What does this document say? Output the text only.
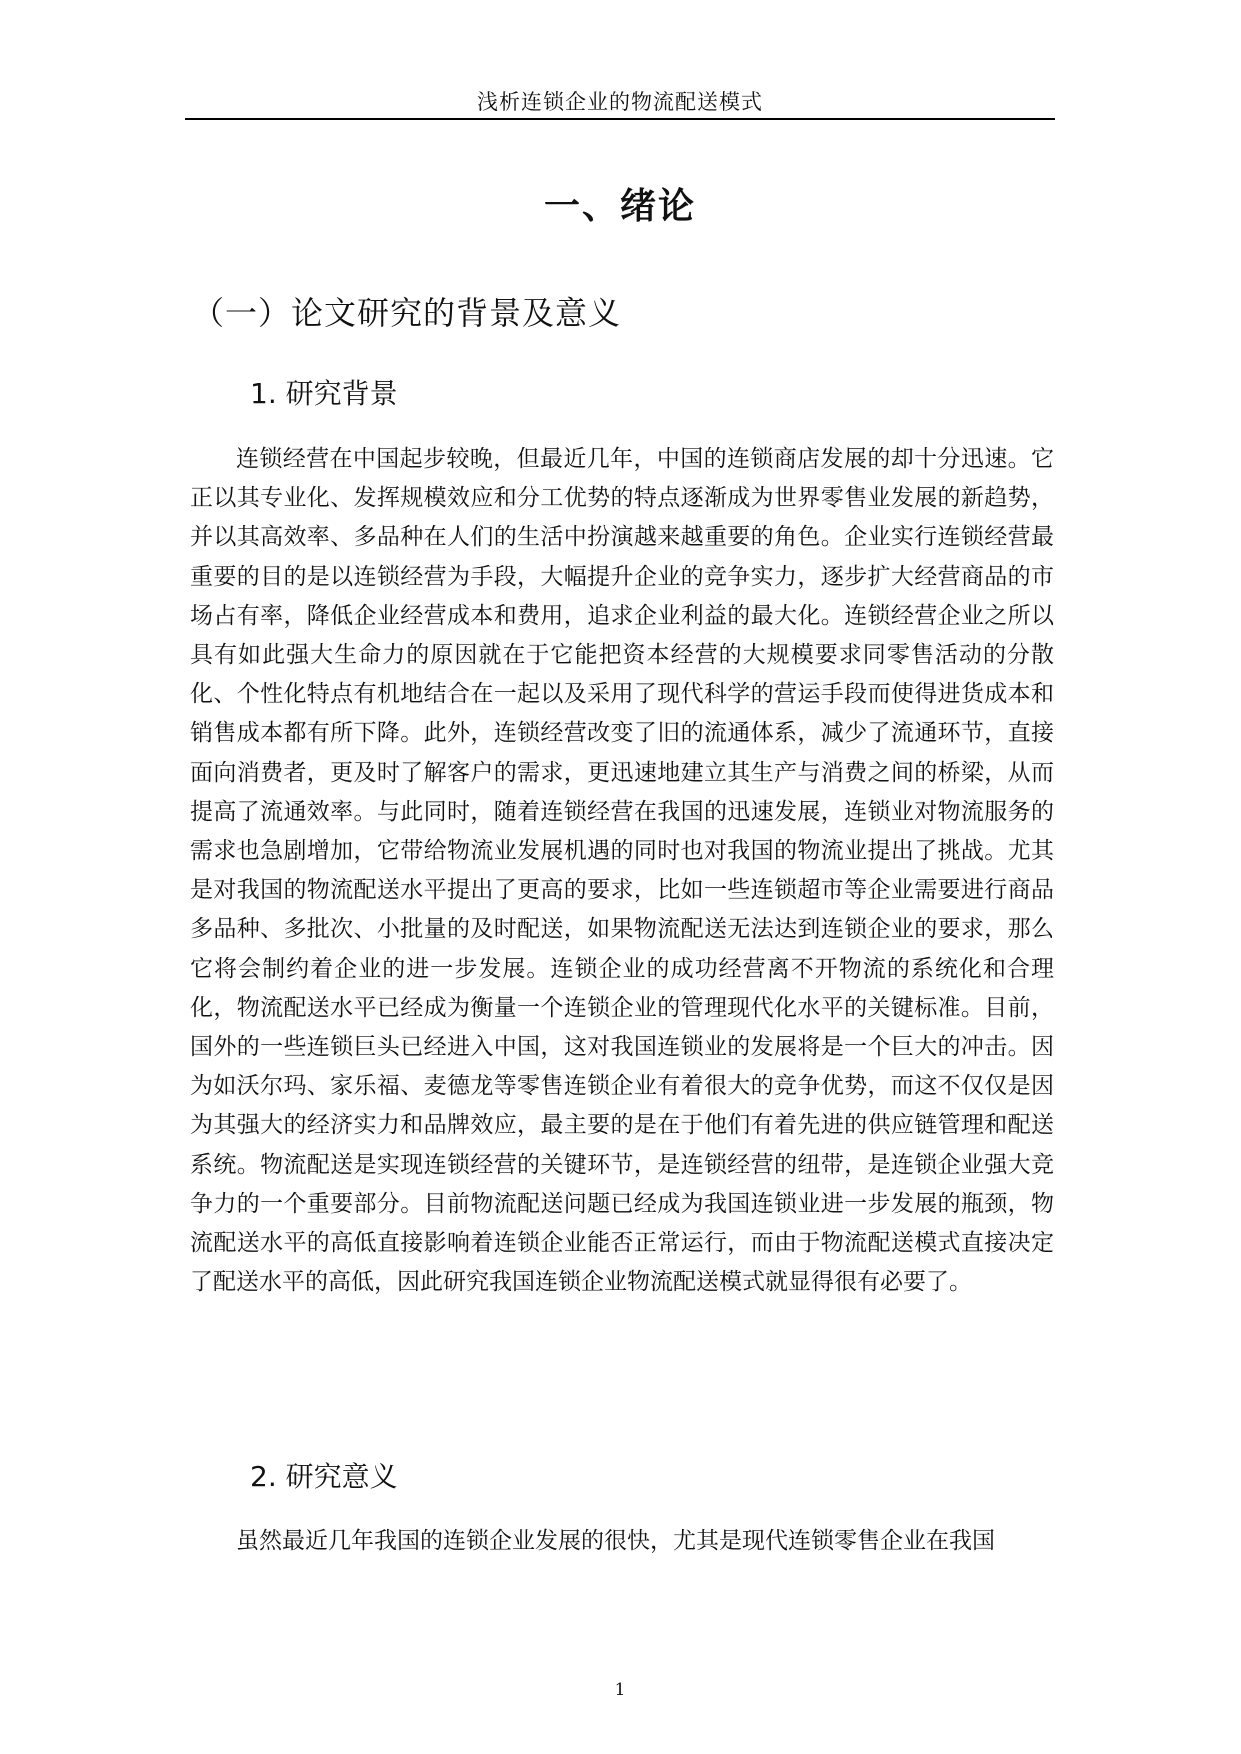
浅析连锁企业的物流配送模式
一、绪论
（一）论文研究的背景及意义
1. 研究背景

连锁经营在中国起步较晚，但最近几年，中国的连锁商店发展的却十分迅速。它正以其专业化、发挥规模效应和分工优势的特点逐渐成为世界零售业发展的新趋势，并以其高效率、多品种在人们的生活中扮演越来越重要的角色。企业实行连锁经营最重要的目的是以连锁经营为手段，大幅提升企业的竞争实力，逐步扩大经营商品的市场占有率，降低企业经营成本和费用，追求企业利益的最大化。连锁经营企业之所以具有如此强大生命力的原因就在于它能把资本经营的大规模要求同零售活动的分散化、个性化特点有机地结合在一起以及采用了现代科学的营运手段而使得进货成本和销售成本都有所下降。此外，连锁经营改变了旧的流通体系，减少了流通环节，直接面向消费者，更及时了解客户的需求，更迅速地建立其生产与消费之间的桥梁，从而提高了流通效率。与此同时，随着连锁经营在我国的迅速发展，连锁业对物流服务的需求也急剧增加，它带给物流业发展机遇的同时也对我国的物流业提出了挑战。尤其是对我国的物流配送水平提出了更高的要求，比如一些连锁超市等企业需要进行商品多品种、多批次、小批量的及时配送，如果物流配送无法达到连锁企业的要求，那么它将会制约着企业的进一步发展。连锁企业的成功经营离不开物流的系统化和合理化，物流配送水平已经成为衡量一个连锁企业的管理现代化水平的关键标准。目前，国外的一些连锁巨头已经进入中国，这对我国连锁业的发展将是一个巨大的冲击。因为如沃尔玛、家乐福、麦德龙等零售连锁企业有着很大的竞争优势，而这不仅仅是因为其强大的经济实力和品牌效应，最主要的是在于他们有着先进的供应链管理和配送系统。物流配送是实现连锁经营的关键环节，是连锁经营的纽带，是连锁企业强大竞争力的一个重要部分。目前物流配送问题已经成为我国连锁业进一步发展的瓶颈，物流配送水平的高低直接影响着连锁企业能否正常运行，而由于物流配送模式直接决定了配送水平的高低，因此研究我国连锁企业物流配送模式就显得很有必要了。

2. 研究意义

虽然最近几年我国的连锁企业发展的很快，尤其是现代连锁零售企业在我国

1
